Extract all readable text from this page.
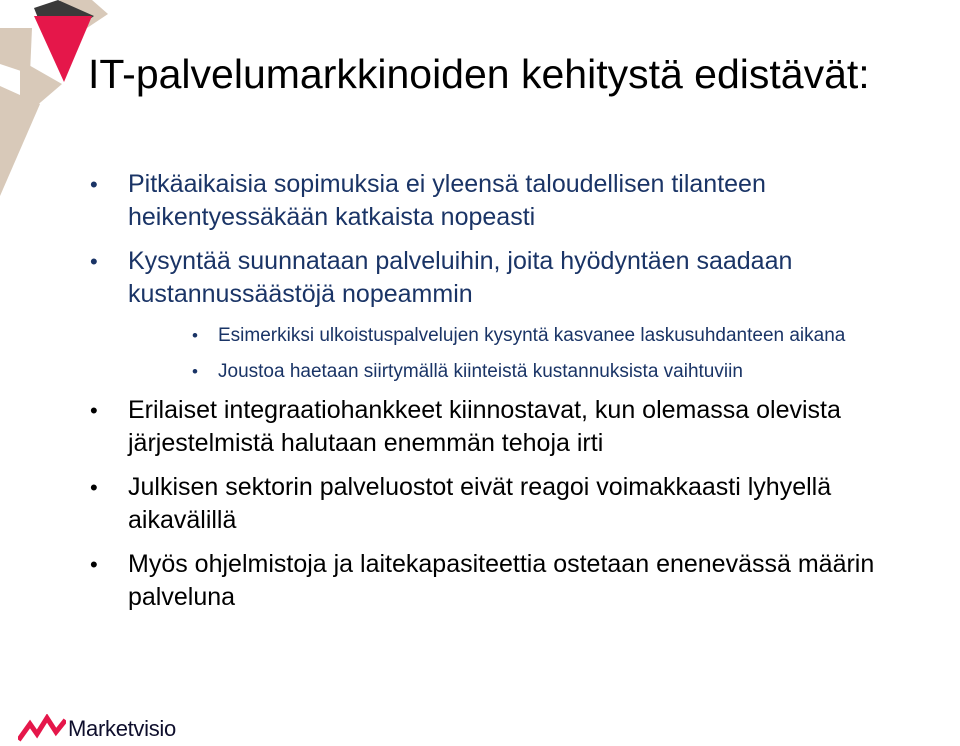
IT-palvelumarkkinoiden kehitystä edistävät:
• Pitkäaikaisia sopimuksia ei yleensä taloudellisen tilanteen heikentyessäkään katkaista nopeasti
• Kysyntää suunnataan palveluihin, joita hyödyntäen saadaan kustannussäästöjä nopeammin
• Esimerkiksi ulkoistuspalvelujen kysyntä kasvanee laskusuhdanteen aikana
• Joustoa haetaan siirtymällä kiinteistä kustannuksista vaihtuviin
• Erilaiset integraatiohankkeet kiinnostavat, kun olemassa olevista järjestelmistä halutaan enemmän tehoja irti
• Julkisen sektorin palveluostot eivät reagoi voimakkaasti lyhyellä aikavälillä
• Myös ohjelmistoja ja laitekapasiteettia ostetaan enenevässä määrin palveluna
Marketvisio
